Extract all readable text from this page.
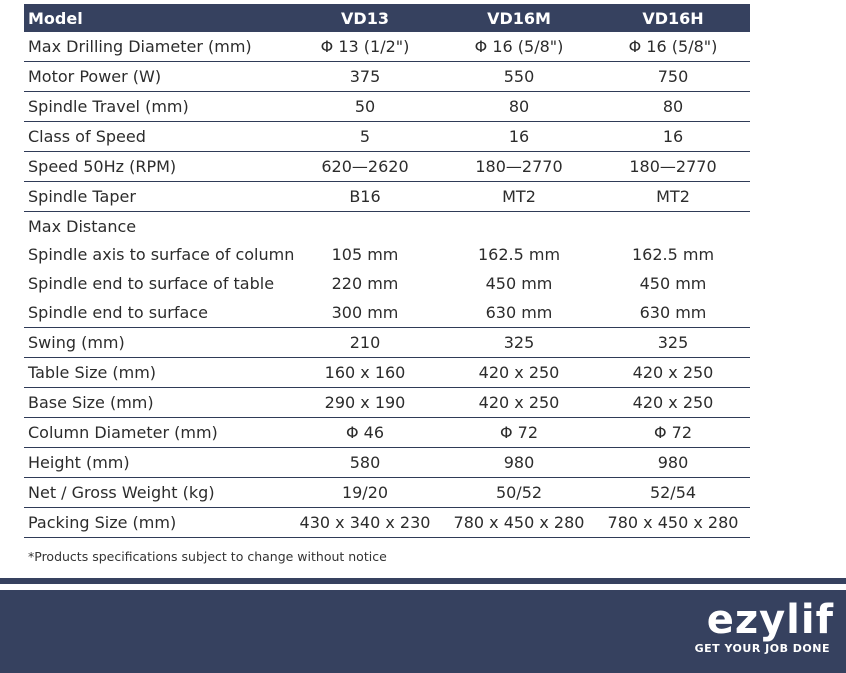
Model	VD13	VD16M	VD16H
Max Drilling Diameter (mm)	Φ 13 (1/2")	Φ 16 (5/8")	Φ 16 (5/8")
Motor Power (W)	375	550	750
Spindle Travel (mm)	50	80	80
Class of Speed	5	16	16
Speed 50Hz (RPM)	620—2620	180—2770	180—2770
Spindle Taper	B16	MT2	MT2
Max Distance
Spindle axis to surface of column	105 mm	162.5 mm	162.5 mm
Spindle end to surface of table	220 mm	450 mm	450 mm
Spindle end to surface	300 mm	630 mm	630 mm
Swing (mm)	210	325	325
Table Size (mm)	160 x 160	420 x 250	420 x 250
Base Size (mm)	290 x 190	420 x 250	420 x 250
Column Diameter (mm)	Φ 46	Φ 72	Φ 72
Height (mm)	580	980	980
Net / Gross Weight (kg)	19/20	50/52	52/54
Packing Size (mm)	430 x 340 x 230	780 x 450 x 280	780 x 450 x 280
*Products specifications subject to change without notice
ezylif
GET YOUR JOB DONE
